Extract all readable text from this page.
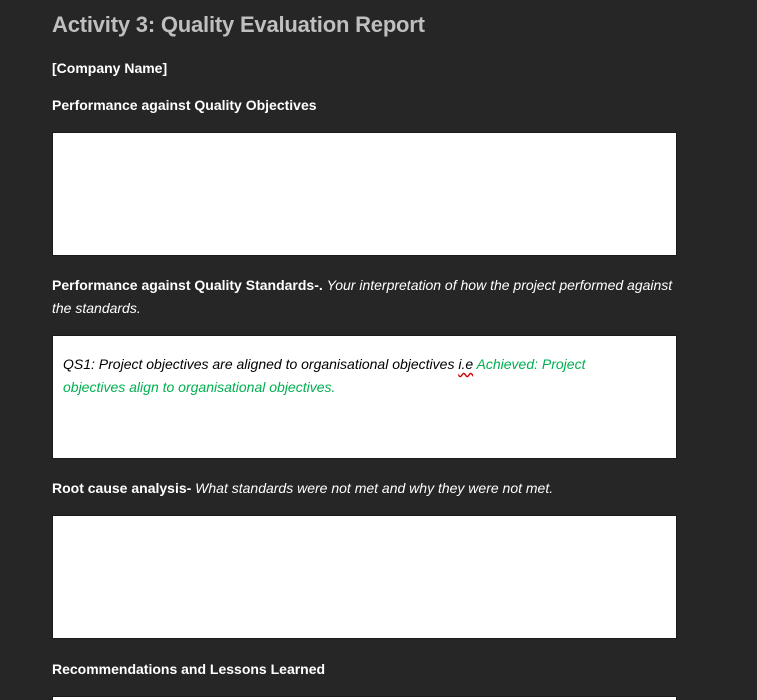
Activity 3: Quality Evaluation Report
[Company Name]
Performance against Quality Objectives
Performance against Quality Standards-. Your interpretation of how the project performed against the standards.
QS1: Project objectives are aligned to organisational objectives i.e Achieved: Project objectives align to organisational objectives.
Root cause analysis- What standards were not met and why they were not met.
Recommendations and Lessons Learned
